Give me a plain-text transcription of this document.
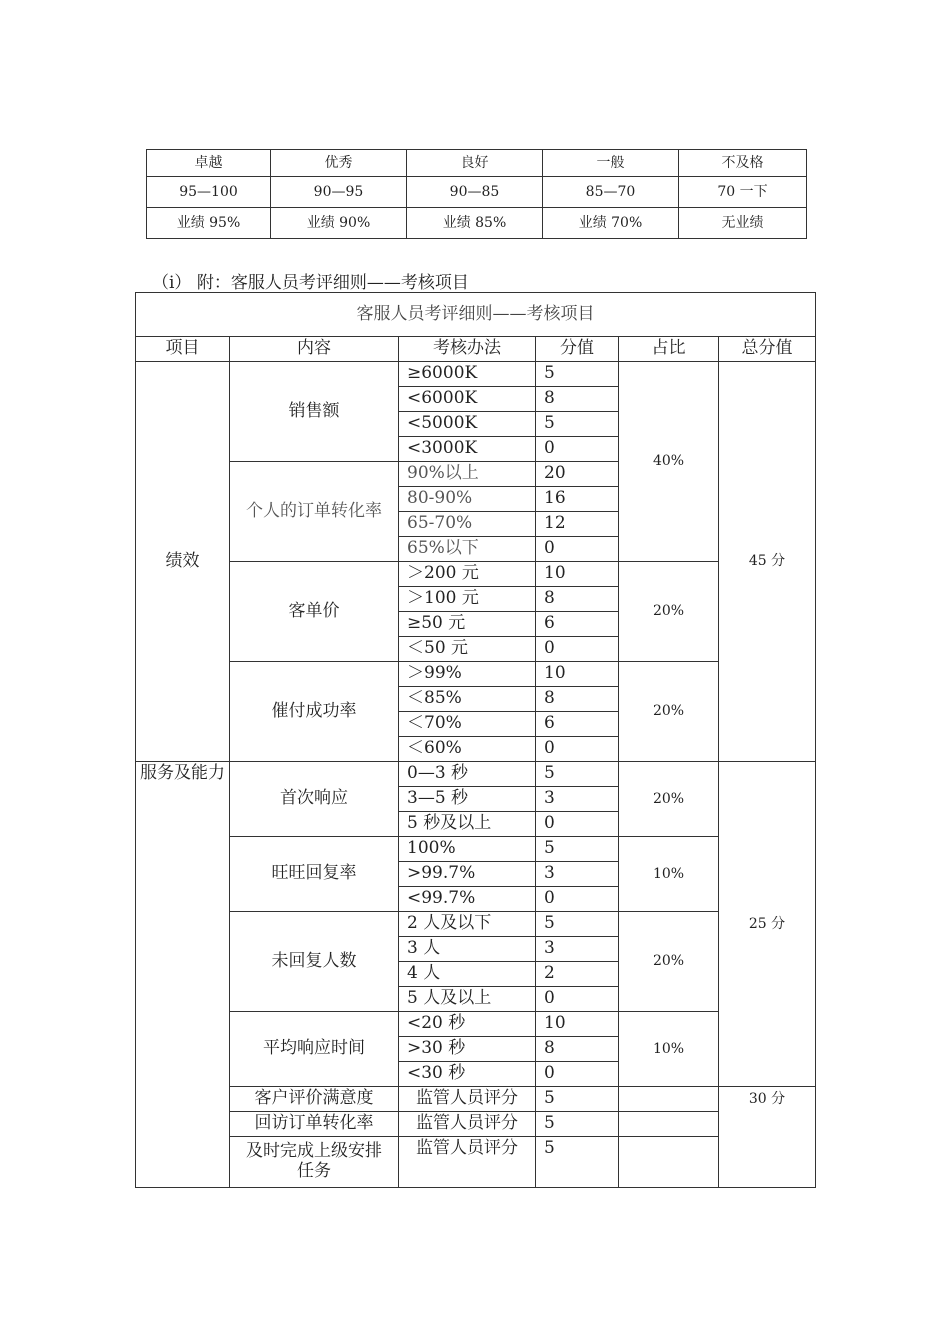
卓越	优秀	良好	一般	不及格
95—100	90—95	90—85	85—70	70 一下
业绩 95%	业绩 90%	业绩 85%	业绩 70%	无业绩
（i） 附：客服人员考评细则——考核项目
客服人员考评细则——考核项目					
项目	内容	考核办法	分值	占比	总分值
绩效	销售额	≥6000K	5	40%	45 分
		<6000K	8		
		<5000K	5		
		<3000K	0		
	个人的订单转化率	90%以上	20		
		80-90%	16		
		65-70%	12		
		65%以下	0		
	客单价	＞200 元	10	20%	
		＞100 元	8		
		≥50 元	6		
		＜50 元	0		
	催付成功率	＞99%	10	20%	
		＜85%	8		
		＜70%	6		
		＜60%	0		
服务及能力	首次响应	0—3 秒	5	20%	25 分
		3—5 秒	3		
		5 秒及以上	0		
	旺旺回复率	100%	5	10%	
		>99.7%	3		
		<99.7%	0		
	未回复人数	2 人及以下	5	20%	
		3 人	3		
		4 人	2		
		5 人及以上	0		
	平均响应时间	<20 秒	10	10%	
		>30 秒	8		
		<30 秒	0		
	客户评价满意度	监管人员评分	5		30 分
	回访订单转化率	监管人员评分	5		
	及时完成上级安排任务	监管人员评分	5		
